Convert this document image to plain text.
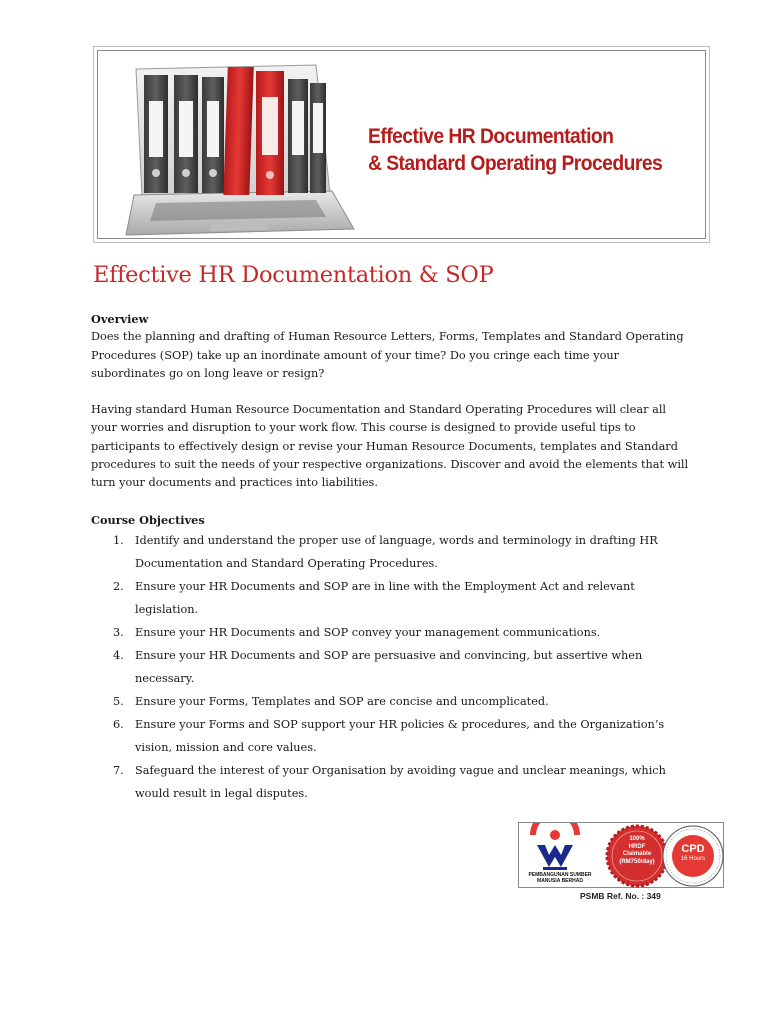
Effective HR Documentation
& Standard Operating Procedures
Effective HR Documentation & SOP

Overview

Does the planning and drafting of Human Resource Letters, Forms, Templates and Standard Operating Procedures (SOP) take up an inordinate amount of your time? Do you cringe each time your subordinates go on long leave or resign?

Having standard Human Resource Documentation and Standard Operating Procedures will clear all your worries and disruption to your work flow. This course is designed to provide useful tips to participants to effectively design or revise your Human Resource Documents, templates and Standard procedures to suit the needs of your respective organizations. Discover and avoid the elements that will turn your documents and practices into liabilities.

Course Objectives

1. Identify and understand the proper use of language, words and terminology in drafting HR Documentation and Standard Operating Procedures.
2. Ensure your HR Documents and SOP are in line with the Employment Act and relevant legislation.
3. Ensure your HR Documents and SOP convey your management communications.
4. Ensure your HR Documents and SOP are persuasive and convincing, but assertive when necessary.
5. Ensure your Forms, Templates and SOP are concise and uncomplicated.
6. Ensure your Forms and SOP support your HR policies & procedures, and the Organization’s vision, mission and core values.
7. Safeguard the interest of your Organisation by avoiding vague and unclear meanings, which would result in legal disputes.
PEMBANGUNAN SUMBER
MANUSIA BERHAD
100%
HRDF
Claimable
(RM750/day)
CPD
16 Hours
PSMB Ref. No. : 349
